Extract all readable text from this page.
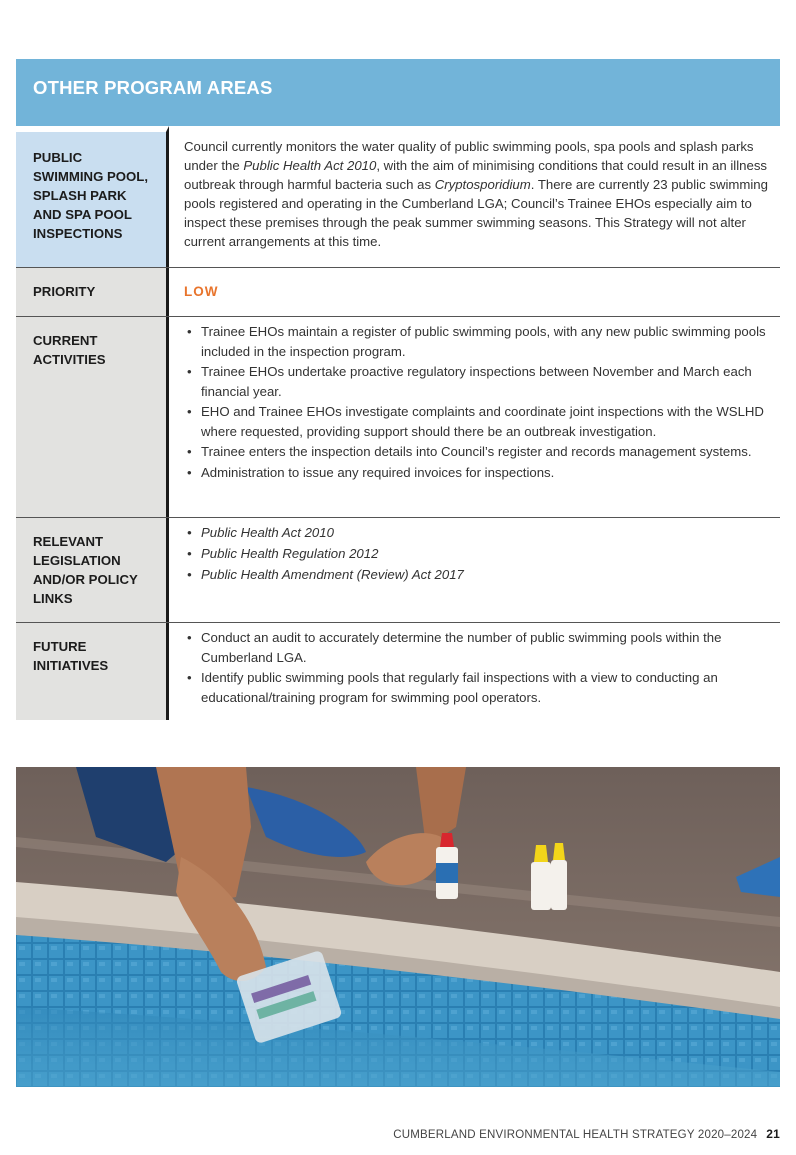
OTHER PROGRAM AREAS
PUBLIC SWIMMING POOL, SPLASH PARK AND SPA POOL INSPECTIONS

Council currently monitors the water quality of public swimming pools, spa pools and splash parks under the Public Health Act 2010, with the aim of minimising conditions that could result in an illness outbreak through harmful bacteria such as Cryptosporidium. There are currently 23 public swimming pools registered and operating in the Cumberland LGA; Council’s Trainee EHOs especially aim to inspect these premises through the peak summer swimming seasons. This Strategy will not alter current arrangements at this time.

PRIORITY	LOW
CURRENT ACTIVITIES
• Trainee EHOs maintain a register of public swimming pools, with any new public swimming pools included in the inspection program.
• Trainee EHOs undertake proactive regulatory inspections between November and March each financial year.
• EHO and Trainee EHOs investigate complaints and coordinate joint inspections with the WSLHD where requested, providing support should there be an outbreak investigation.
• Trainee enters the inspection details into Council’s register and records management systems.
• Administration to issue any required invoices for inspections.
RELEVANT LEGISLATION AND/OR POLICY LINKS
• Public Health Act 2010
• Public Health Regulation 2012
• Public Health Amendment (Review) Act 2017
FUTURE INITIATIVES
• Conduct an audit to accurately determine the number of public swimming pools within the Cumberland LGA.
• Identify public swimming pools that regularly fail inspections with a view to conducting an educational/training program for swimming pool operators.
CUMBERLAND ENVIRONMENTAL HEALTH STRATEGY 2020–2024 21
